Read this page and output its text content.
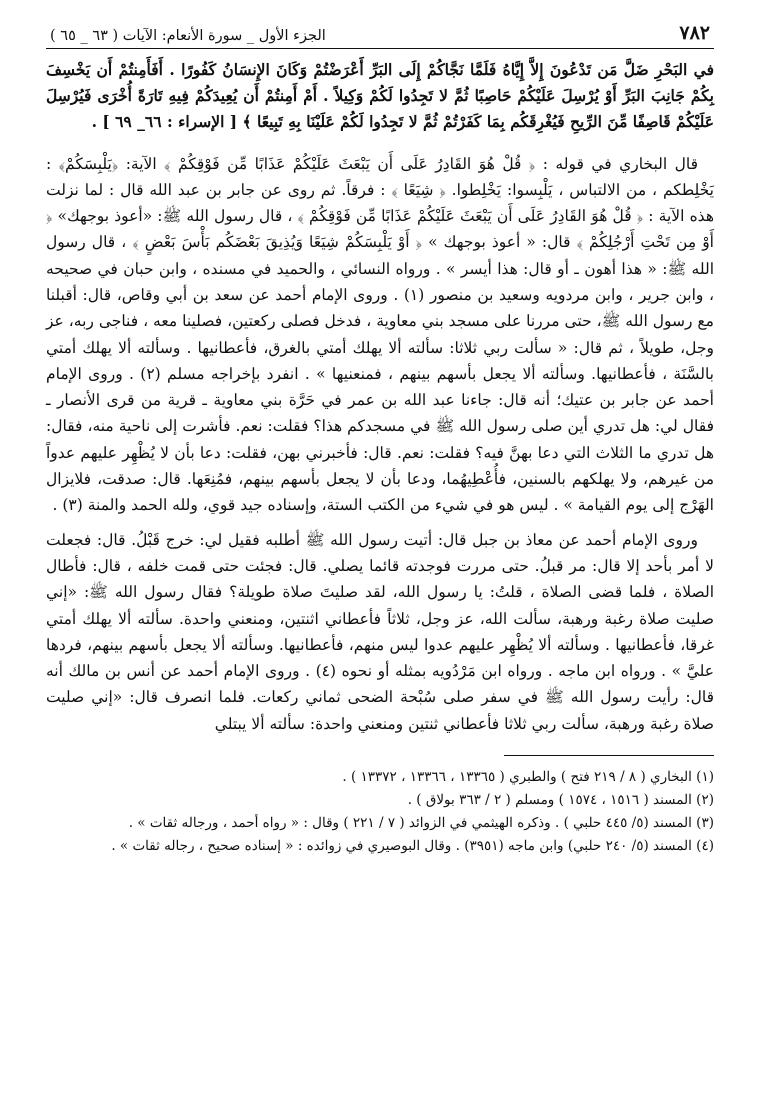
٧٨٢
الجزء الأول _ سورة الأنعام: الآيات ( ٦٣ _ ٦٥ )

في البَحْرِ ضَلَّ مَن تَدْعُونَ إِلاَّ إِيَّاهُ فَلَمَّا نَجَّاكُمْ إِلَى البَرِّ أَعْرَضْتُمْ وَكَانَ الإِنسَانُ كَفُورًا . أَفَأَمِنتُمْ أَن يَخْسِفَ بِكُمْ جَانِبَ البَرِّ أَوْ يُرْسِلَ عَلَيْكُمْ حَاصِبًا ثُمَّ لا تَجِدُوا لَكُمْ وَكِيلاً . أَمْ أَمِنتُمْ أَن يُعِيدَكُمْ فِيهِ تَارَةً أُخْرَى فَيُرْسِلَ عَلَيْكُمْ قَاصِفًا مِّنَ الرِّيحِ فَيُغْرِقَكُم بِمَا كَفَرْتُمْ ثُمَّ لا تَجِدُوا لَكُمْ عَلَيْنَا بِهِ تَبِيعًا ﴾ [ الإسراء : ٦٦_ ٦٩ ] .

قال البخاري في قوله : ﴿ قُلْ هُوَ القَادِرُ عَلَى أَن يَبْعَثَ عَلَيْكُمْ عَذَابًا مِّن فَوْقِكُمْ ﴾ الآية: ﴿يَلْبِسَكُمْ﴾ : يَخْلِطكم ، من الالتباس ، يَلْبِسوا: يَخْلِطوا. ﴿ شِيَعًا ﴾ : فرقاً. ثم روى عن جابر بن عبد الله قال : لما نزلت هذه الآية : ﴿ قُلْ هُوَ القَادِرُ عَلَى أَن يَبْعَثَ عَلَيْكُمْ عَذَابًا مِّن فَوْقِكُمْ ﴾ ، قال رسول الله ﷺ: «أعوذ بوجهك» ﴿ أَوْ مِن تَحْتِ أَرْجُلِكُمْ ﴾ قال: « أعوذ بوجهك » ﴿ أَوْ يَلْبِسَكُمْ شِيَعًا وَيُذِيقَ بَعْضَكُم بَأْسَ بَعْضٍ ﴾ ، قال رسول الله ﷺ: « هذا أهون ـ أو قال: هذا أيسر » . ورواه النسائي ، والحميد في مسنده ، وابن حبان في صحيحه ، وابن جرير ، وابن مردويه وسعيد بن منصور (١) . وروى الإمام أحمد عن سعد بن أبي وقاص، قال: أقبلنا مع رسول الله ﷺ، حتى مررنا على مسجد بني معاوية ، فدخل فصلى ركعتين، فصلينا معه ، فناجى ربه، عز وجل، طويلاً ، ثم قال: « سألت ربي ثلاثا: سألته ألا يهلك أمتي بالغرق، فأعطانيها . وسألته ألا يهلك أمتي بالسَّنَة ، فأعطانيها. وسألته ألا يجعل بأسهم بينهم ، فمنعنيها » . انفرد بإخراجه مسلم (٢) . وروى الإمام أحمد عن جابر بن عتيك؛ أنه قال: جاءنا عبد الله بن عمر في حَرَّة بني معاوية ـ قرية من قرى الأنصار ـ فقال لي: هل تدري أين صلى رسول الله ﷺ في مسجدكم هذا؟ فقلت: نعم. فأشرت إلى ناحية منه، فقال: هل تدري ما الثلاث التي دعا بهنَّ فيه؟ فقلت: نعم. قال: فأخبرني بهن، فقلت: دعا بأن لا يُظْهِر عليهم عدواً من غيرهم، ولا يهلكهم بالسنين، فأُعْطِيهُما، ودعا بأن لا يجعل بأسهم بينهم، فمُنِعَها. قال: صدقت، فلايزال الهَرْج إلى يوم القيامة » . ليس هو في شيء من الكتب الستة، وإسناده جيد قوي، ولله الحمد والمنة (٣) .

وروى الإمام أحمد عن معاذ بن جبل قال: أتيت رسول الله ﷺ أطلبه فقيل لي: خرج قَبْلُ. قال: فجعلت لا أمر بأحد إلا قال: مر قبلُ. حتى مررت فوجدته قائما يصلي. قال: فجئت حتى قمت خلفه ، قال: فأطال الصلاة ، فلما قضى الصلاة ، قلتُ: يا رسول الله، لقد صليتَ صلاة طويلة؟ فقال رسول الله ﷺ: «إني صليت صلاة رغبة ورهبة، سألت الله، عز وجل، ثلاثاً فأعطاني اثنتين، ومنعني واحدة. سألته ألا يهلك أمتي غرقا، فأعطانيها . وسألته ألا يُظْهِر عليهم عدوا ليس منهم، فأعطانيها. وسألته ألا يجعل بأسهم بينهم، فردها عليَّ » . ورواه ابن ماجه . ورواه ابن مَرْدُويه بمثله أو نحوه (٤) . وروى الإمام أحمد عن أنس بن مالك أنه قال: رأيت رسول الله ﷺ في سفر صلى سُبْحة الضحى ثماني ركعات. فلما انصرف قال: «إني صليت صلاة رغبة ورهبة، سألت ربي ثلاثا فأعطاني ثنتين ومنعني واحدة: سألته ألا يبتلي

(١) البخاري ( ٨ / ٢١٩ فتح ) والطبري ( ١٣٣٦٥ ، ١٣٣٦٦ ، ١٣٣٧٢ ) .
(٢) المسند ( ١٥١٦ ، ١٥٧٤ ) ومسلم ( ٢ / ٣٦٣ بولاق ) .
(٣) المسند (٥/ ٤٤٥ حلبي ) . وذكره الهيثمي في الزوائد ( ٧ / ٢٢١ ) وقال : « رواه أحمد ، ورجاله ثقات » .
(٤) المسند (٥/ ٢٤٠ حلبي) وابن ماجه (٣٩٥١) . وقال البوصيري في زوائده : « إسناده صحيح ، رجاله ثقات » .
